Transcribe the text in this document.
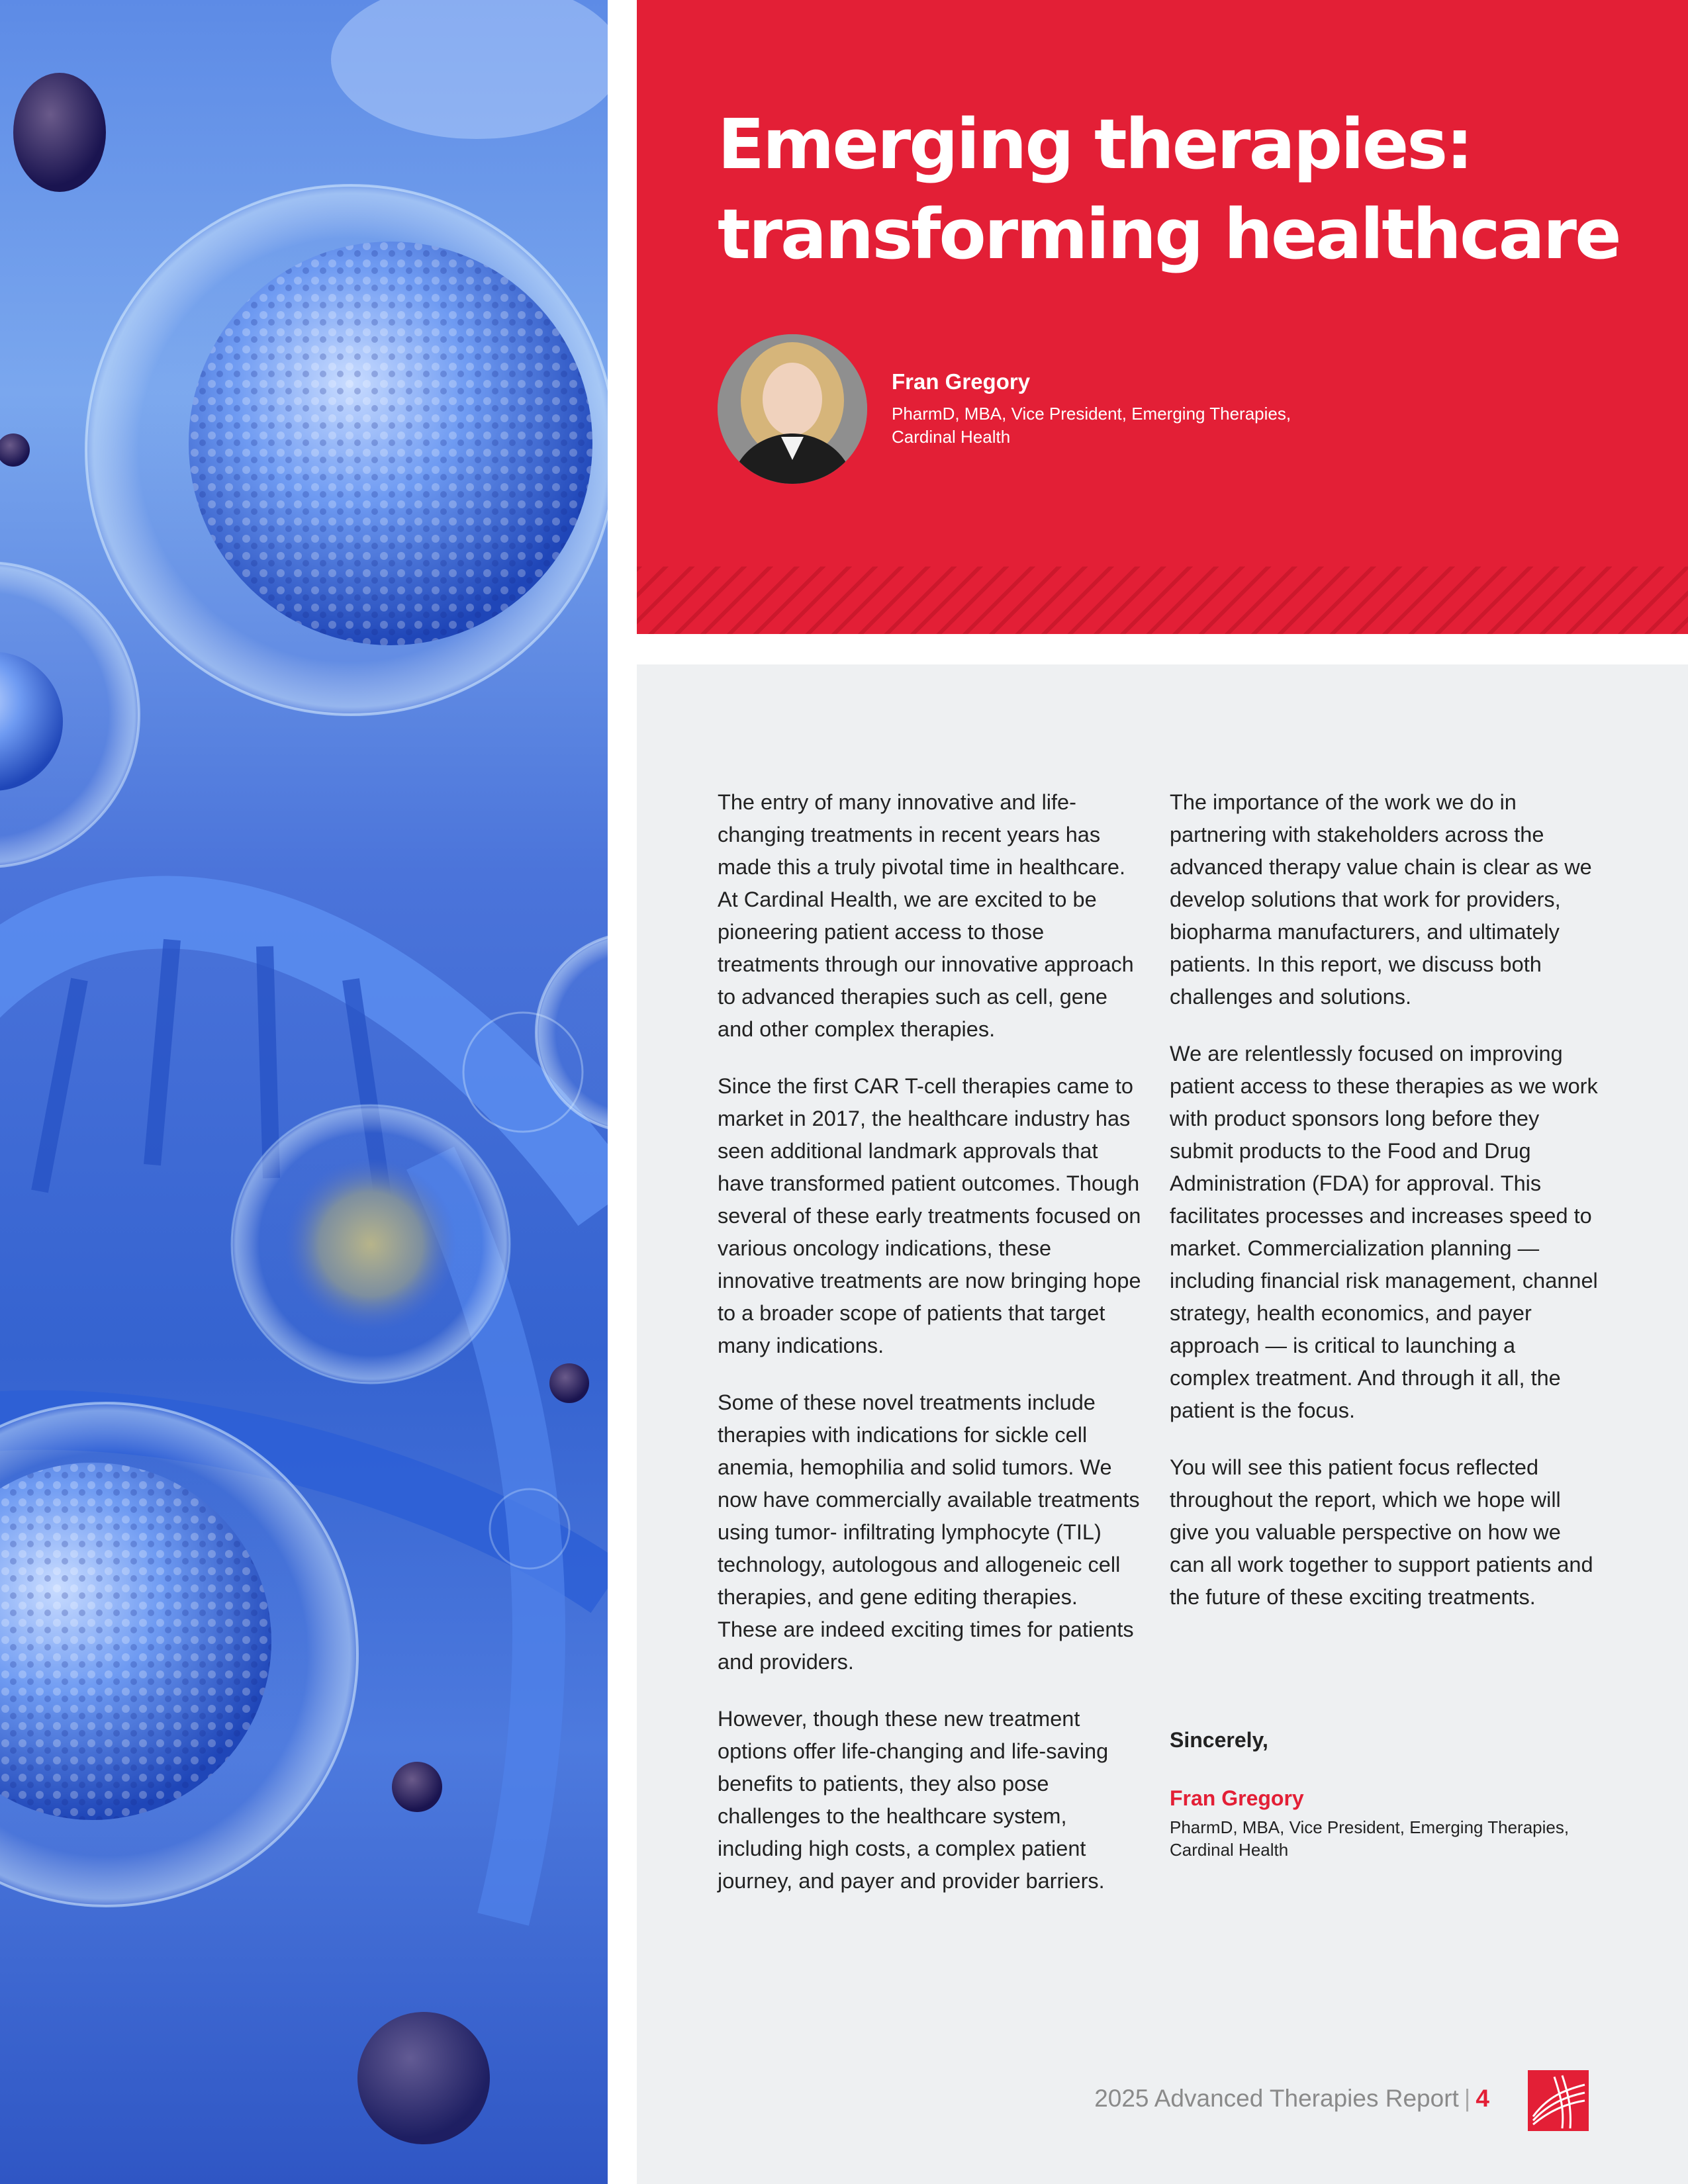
Emerging therapies:
transforming healthcare
Fran Gregory
PharmD, MBA, Vice President, Emerging Therapies, Cardinal Health

The entry of many innovative and life-changing treatments in recent years has made this a truly pivotal time in healthcare. At Cardinal Health, we are excited to be pioneering patient access to those treatments through our innovative approach to advanced therapies such as cell, gene and other complex therapies.

Since the first CAR T-cell therapies came to market in 2017, the healthcare industry has seen additional landmark approvals that have transformed patient outcomes. Though several of these early treatments focused on various oncology indications, these innovative treatments are now bringing hope to a broader scope of patients that target many indications.

Some of these novel treatments include therapies with indications for sickle cell anemia, hemophilia and solid tumors. We now have commercially available treatments using tumor- infiltrating lymphocyte (TIL) technology, autologous and allogeneic cell therapies, and gene editing therapies. These are indeed exciting times for patients and providers.

However, though these new treatment options offer life-changing and life-saving benefits to patients, they also pose challenges to the healthcare system, including high costs, a complex patient journey, and payer and provider barriers.

The importance of the work we do in partnering with stakeholders across the advanced therapy value chain is clear as we develop solutions that work for providers, biopharma manufacturers, and ultimately patients. In this report, we discuss both challenges and solutions.

We are relentlessly focused on improving patient access to these therapies as we work with product sponsors long before they submit products to the Food and Drug Administration (FDA) for approval. This facilitates processes and increases speed to market. Commercialization planning — including financial risk management, channel strategy, health economics, and payer approach — is critical to launching a complex treatment. And through it all, the patient is the focus.

You will see this patient focus reflected throughout the report, which we hope will give you valuable perspective on how we can all work together to support patients and the future of these exciting treatments.

Sincerely,
Fran Gregory
PharmD, MBA, Vice President, Emerging Therapies, Cardinal Health
2025 Advanced Therapies Report | 4
